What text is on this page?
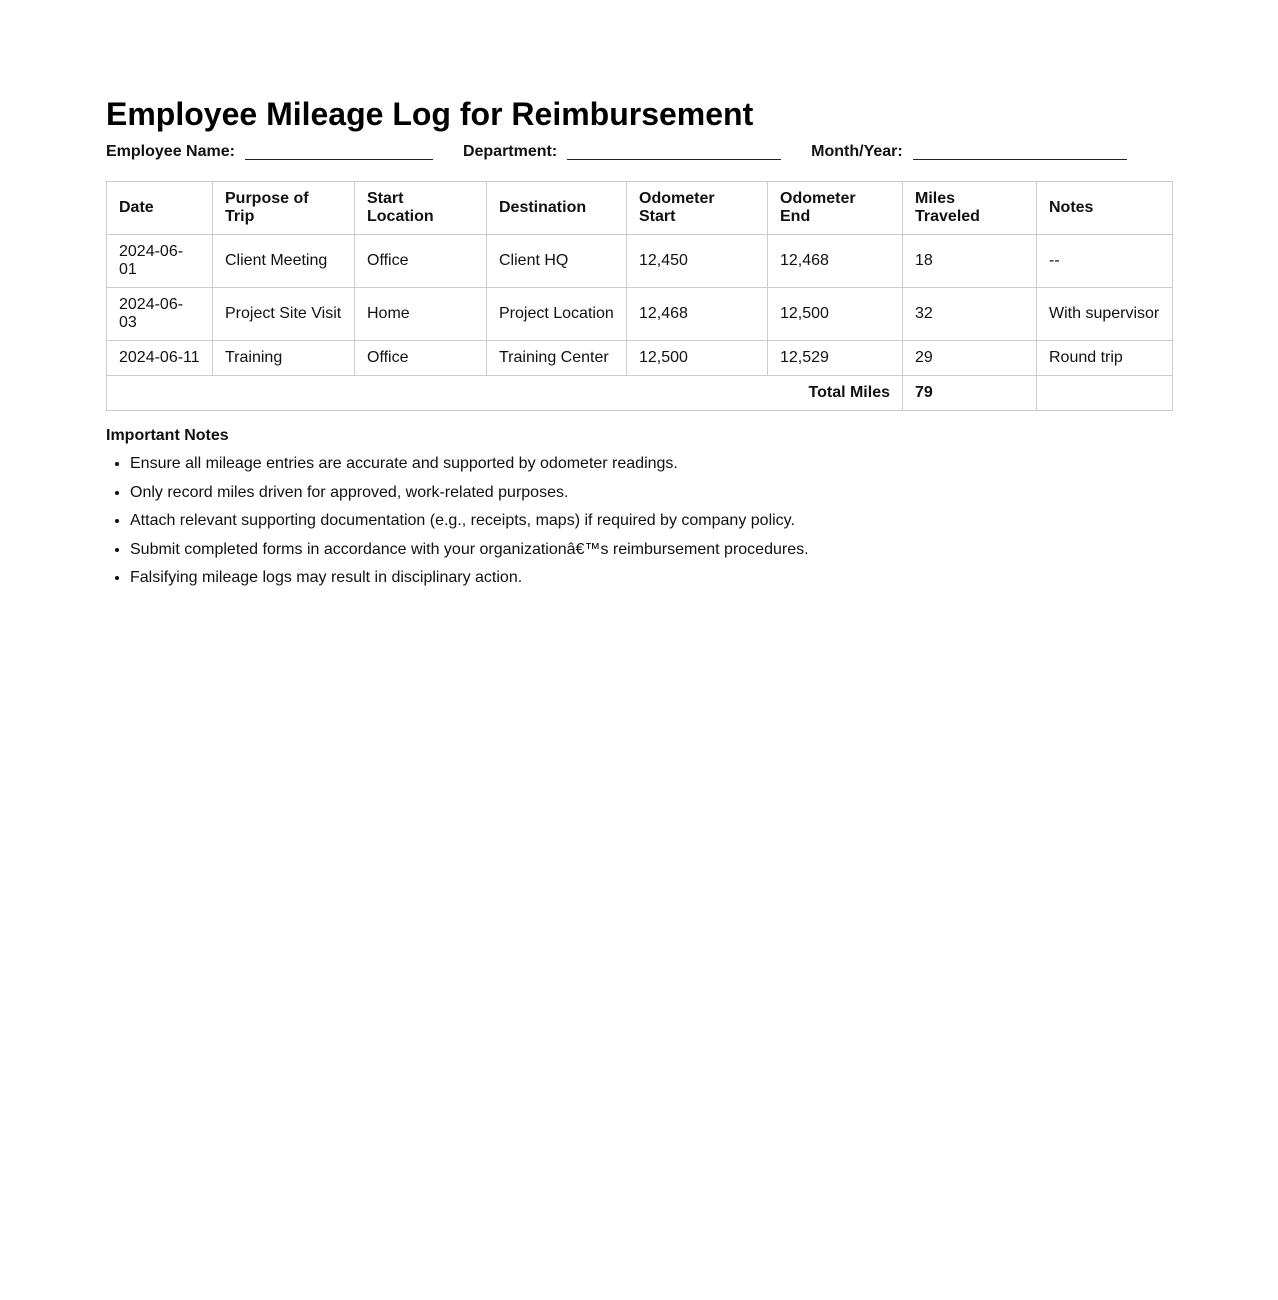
Employee Mileage Log for Reimbursement
Employee Name:	Department:	Month/Year:
Date	Purpose of Trip	Start Location	Destination	Odometer Start	Odometer End	Miles Traveled	Notes
2024-06-01	Client Meeting	Office	Client HQ	12,450	12,468	18	--
2024-06-03	Project Site Visit	Home	Project Location	12,468	12,500	32	With supervisor
2024-06-11	Training	Office	Training Center	12,500	12,529	29	Round trip
Total Miles						79	

Important Notes

• Ensure all mileage entries are accurate and supported by odometer readings.
• Only record miles driven for approved, work-related purposes.
• Attach relevant supporting documentation (e.g., receipts, maps) if required by company policy.
• Submit completed forms in accordance with your organizationâ€™s reimbursement procedures.
• Falsifying mileage logs may result in disciplinary action.
